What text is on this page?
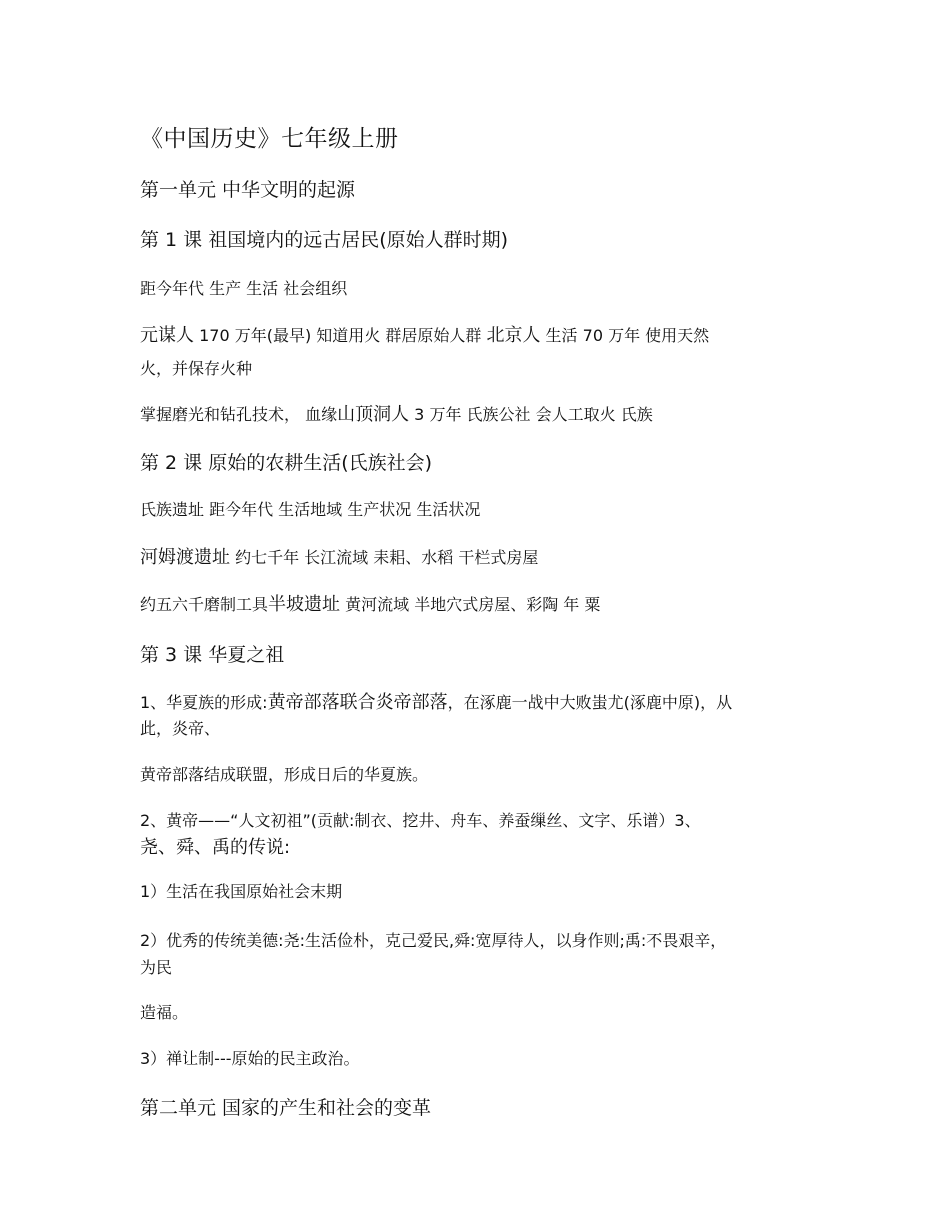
《中国历史》七年级上册
第一单元 中华文明的起源
第 1 课 祖国境内的远古居民(原始人群时期)

距今年代 生产 生活 社会组织

元谋人 170 万年(最早) 知道用火 群居原始人群 北京人 生活 70 万年 使用天然

火，并保存火种

掌握磨光和钻孔技术， 血缘山顶洞人 3 万年 氏族公社 会人工取火 氏族

第 2 课 原始的农耕生活(氏族社会)

氏族遗址 距今年代 生活地域 生产状况 生活状况

河姆渡遗址 约七千年 长江流域 耒耜、水稻 干栏式房屋

约五六千磨制工具半坡遗址 黄河流域 半地穴式房屋、彩陶 年 粟

第 3 课 华夏之祖

1、华夏族的形成:黄帝部落联合炎帝部落，在涿鹿一战中大败蚩尤(涿鹿中原)，从

此，炎帝、

黄帝部落结成联盟，形成日后的华夏族。

2、黄帝——“人文初祖”(贡献:制衣、挖井、舟车、养蚕缫丝、文字、乐谱）3、

尧、舜、禹的传说:

1）生活在我国原始社会末期

2）优秀的传统美德:尧:生活俭朴，克己爱民,舜:宽厚待人，以身作则;禹:不畏艰辛，

为民

造福。

3）禅让制---原始的民主政治。

第二单元 国家的产生和社会的变革
